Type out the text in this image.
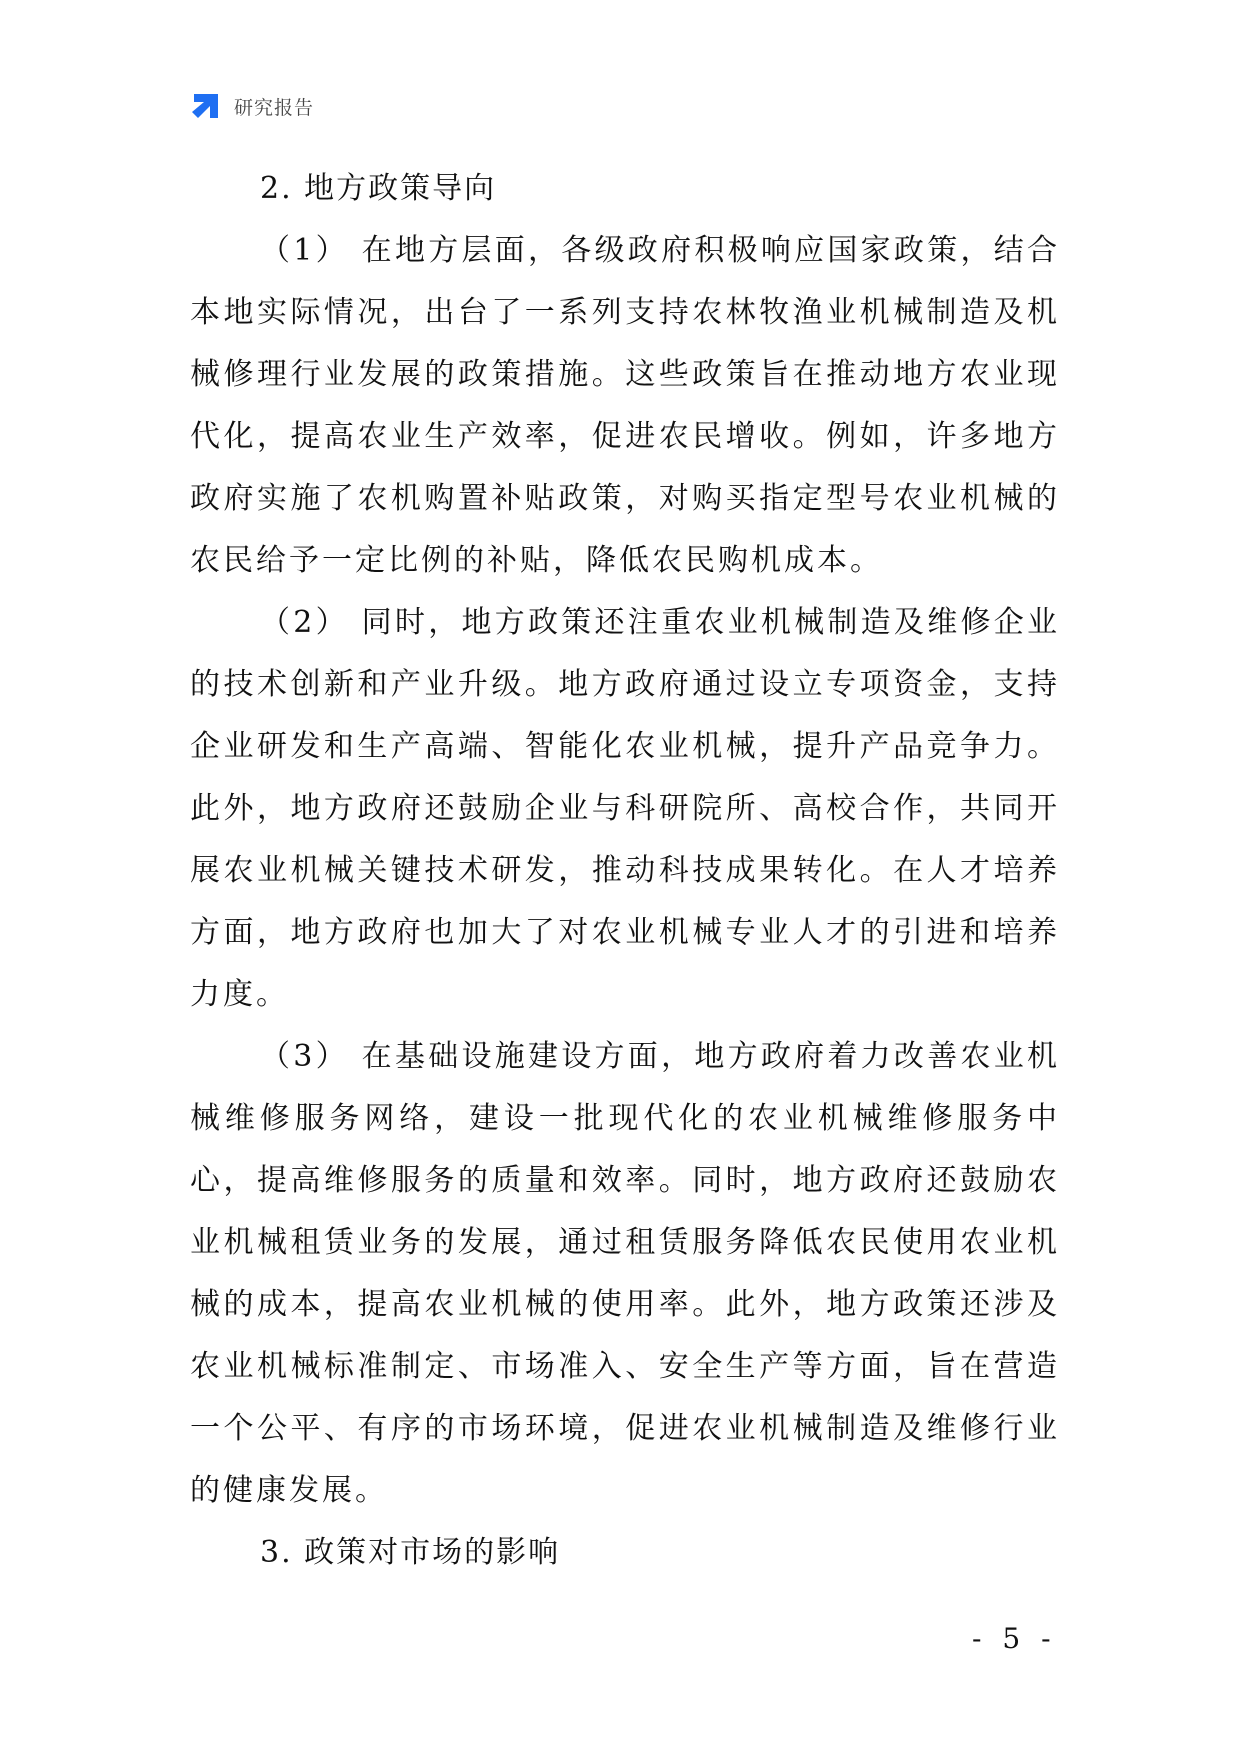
研究报告
2. 地方政策导向

（1） 在地方层面，各级政府积极响应国家政策，结合本地实际情况，出台了一系列支持农林牧渔业机械制造及机械修理行业发展的政策措施。这些政策旨在推动地方农业现代化，提高农业生产效率，促进农民增收。例如，许多地方政府实施了农机购置补贴政策，对购买指定型号农业机械的农民给予一定比例的补贴，降低农民购机成本。

（2） 同时，地方政策还注重农业机械制造及维修企业的技术创新和产业升级。地方政府通过设立专项资金，支持企业研发和生产高端、智能化农业机械，提升产品竞争力。此外，地方政府还鼓励企业与科研院所、高校合作，共同开展农业机械关键技术研发，推动科技成果转化。在人才培养方面，地方政府也加大了对农业机械专业人才的引进和培养力度。

（3） 在基础设施建设方面，地方政府着力改善农业机械维修服务网络，建设一批现代化的农业机械维修服务中心，提高维修服务的质量和效率。同时，地方政府还鼓励农业机械租赁业务的发展，通过租赁服务降低农民使用农业机械的成本，提高农业机械的使用率。此外，地方政策还涉及农业机械标准制定、市场准入、安全生产等方面，旨在营造一个公平、有序的市场环境，促进农业机械制造及维修行业的健康发展。

3. 政策对市场的影响
- 5 -
